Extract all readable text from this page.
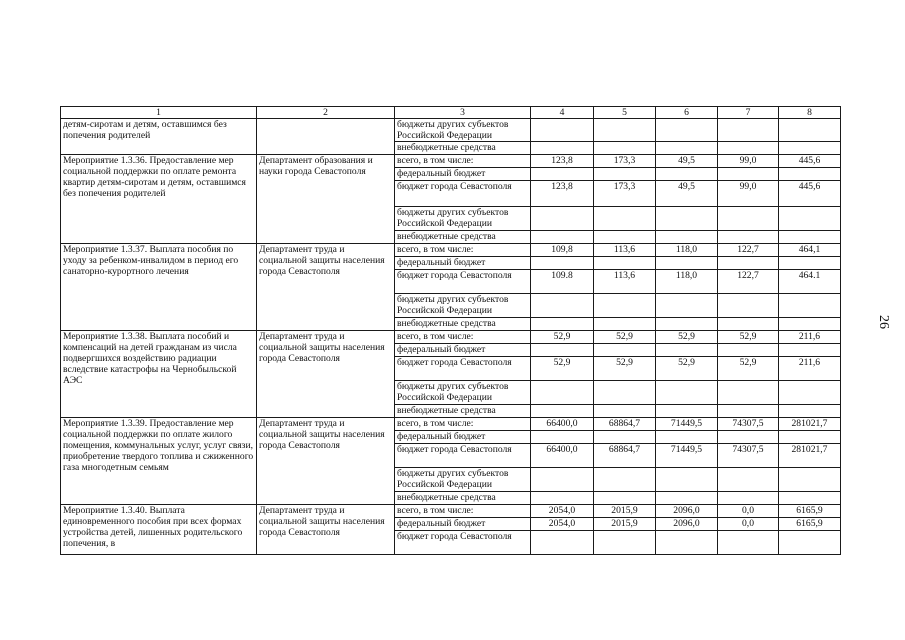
26
1	2	3	4	5	6	7	8
детям-сиротам и детям, оставшимся без попечения родителей		бюджеты других субъектов Российской Федерации					
		внебюджетные средства					
Мероприятие 1.3.36. Предоставление мер социальной поддержки по оплате ремонта квартир детям-сиротам и детям, оставшимся без попечения родителей	Департамент образования и науки города Севастополя	всего, в том числе:	123,8	173,3	49,5	99,0	445,6
		федеральный бюджет					
		бюджет города Севастополя	123,8	173,3	49,5	99,0	445,6
		бюджеты других субъектов Российской Федерации					
		внебюджетные средства					
Мероприятие 1.3.37. Выплата пособия по уходу за ребенком-инвалидом в период его санаторно-курортного лечения	Департамент труда и социальной защиты населения города Севастополя	всего, в том числе:	109,8	113,6	118,0	122,7	464,1
		федеральный бюджет					
		бюджет города Севастополя	109.8	113,6	118,0	122,7	464.1
		бюджеты других субъектов Российской Федерации					
		внебюджетные средства					
Мероприятие 1.3.38. Выплата пособий и компенсаций на детей гражданам из числа подвергшихся воздействию радиации вследствие катастрофы на Чернобыльской АЭС	Департамент труда и социальной защиты населения города Севастополя	всего, в том числе:	52,9	52,9	52,9	52,9	211,6
		федеральный бюджет					
		бюджет города Севастополя	52,9	52,9	52,9	52,9	211,6
		бюджеты других субъектов Российской Федерации					
		внебюджетные средства					
Мероприятие 1.3.39. Предоставление мер социальной поддержки по оплате жилого помещения, коммунальных услуг, услуг связи, приобретение твердого топлива и сжиженного газа многодетным семьям	Департамент труда и социальной защиты населения города Севастополя	всего, в том числе:	66400,0	68864,7	71449,5	74307,5	281021,7
		федеральный бюджет					
		бюджет города Севастополя	66400,0	68864,7	71449,5	74307,5	281021,7
		бюджеты других субъектов Российской Федерации					
		внебюджетные средства					
Мероприятие 1.3.40. Выплата единовременного пособия при всех формах устройства детей, лишенных родительского попечения, в	Департамент труда и социальной защиты населения города Севастополя	всего, в том числе:	2054,0	2015,9	2096,0	0,0	6165,9
		федеральный бюджет	2054,0	2015,9	2096,0	0,0	6165,9
		бюджет города Севастополя					
